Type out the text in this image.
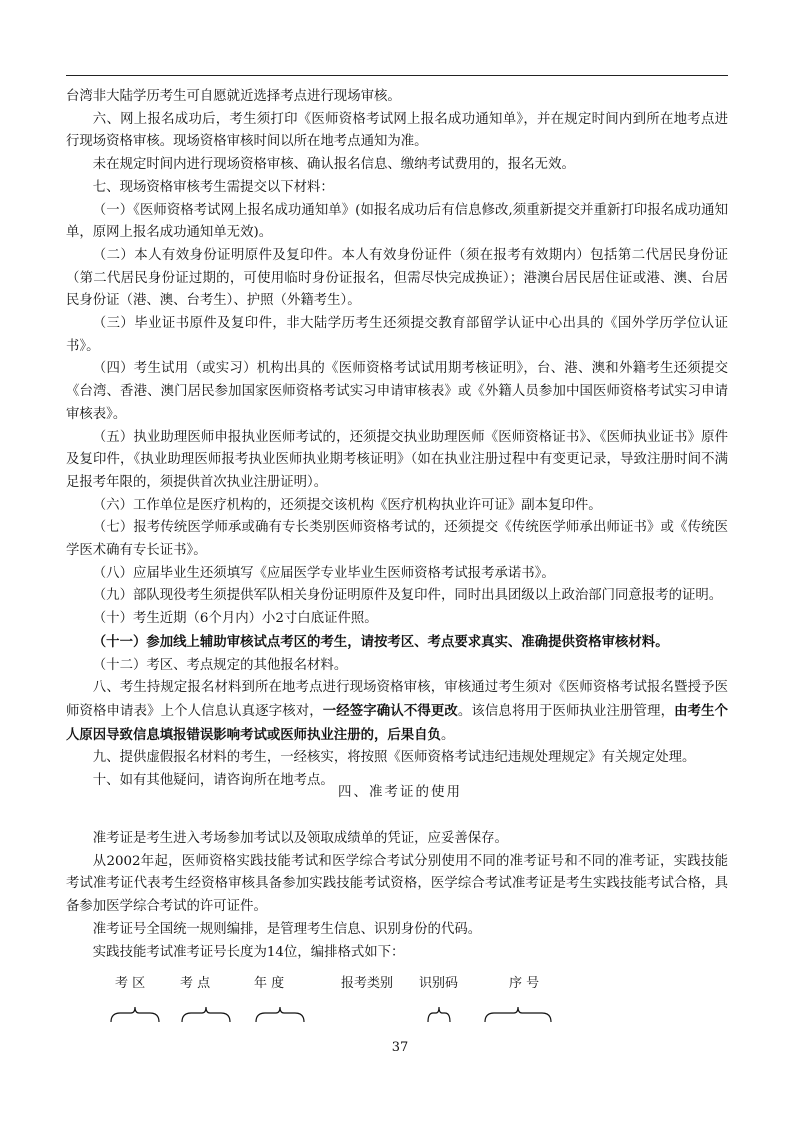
台湾非大陆学历考生可自愿就近选择考点进行现场审核。

六、网上报名成功后，考生须打印《医师资格考试网上报名成功通知单》，并在规定时间内到所在地考点进行现场资格审核。现场资格审核时间以所在地考点通知为准。

未在规定时间内进行现场资格审核、确认报名信息、缴纳考试费用的，报名无效。

七、现场资格审核考生需提交以下材料：

（一）《医师资格考试网上报名成功通知单》(如报名成功后有信息修改,须重新提交并重新打印报名成功通知单，原网上报名成功通知单无效)。

（二）本人有效身份证明原件及复印件。本人有效身份证件（须在报考有效期内）包括第二代居民身份证（第二代居民身份证过期的，可使用临时身份证报名，但需尽快完成换证）；港澳台居民居住证或港、澳、台居民身份证（港、澳、台考生）、护照（外籍考生）。

（三）毕业证书原件及复印件，非大陆学历考生还须提交教育部留学认证中心出具的《国外学历学位认证书》。

（四）考生试用（或实习）机构出具的《医师资格考试试用期考核证明》，台、港、澳和外籍考生还须提交《台湾、香港、澳门居民参加国家医师资格考试实习申请审核表》或《外籍人员参加中国医师资格考试实习申请审核表》。

（五）执业助理医师申报执业医师考试的，还须提交执业助理医师《医师资格证书》、《医师执业证书》原件及复印件，《执业助理医师报考执业医师执业期考核证明》（如在执业注册过程中有变更记录，导致注册时间不满足报考年限的，须提供首次执业注册证明）。

（六）工作单位是医疗机构的，还须提交该机构《医疗机构执业许可证》副本复印件。

（七）报考传统医学师承或确有专长类别医师资格考试的，还须提交《传统医学师承出师证书》或《传统医学医术确有专长证书》。

（八）应届毕业生还须填写《应届医学专业毕业生医师资格考试报考承诺书》。

（九）部队现役考生须提供军队相关身份证明原件及复印件，同时出具团级以上政治部门同意报考的证明。

（十）考生近期（6个月内）小2寸白底证件照。

（十一）参加线上辅助审核试点考区的考生，请按考区、考点要求真实、准确提供资格审核材料。

（十二）考区、考点规定的其他报名材料。

八、考生持规定报名材料到所在地考点进行现场资格审核，审核通过考生须对《医师资格考试报名暨授予医师资格申请表》上个人信息认真逐字核对，一经签字确认不得更改。该信息将用于医师执业注册管理，由考生个人原因导致信息填报错误影响考试或医师执业注册的，后果自负。

九、提供虚假报名材料的考生，一经核实，将按照《医师资格考试违纪违规处理规定》有关规定处理。

十、如有其他疑问，请咨询所在地考点。

四、准考证的使用

准考证是考生进入考场参加考试以及领取成绩单的凭证，应妥善保存。

从2002年起，医师资格实践技能考试和医学综合考试分别使用不同的准考证号和不同的准考证，实践技能考试准考证代表考生经资格审核具备参加实践技能考试资格，医学综合考试准考证是考生实践技能考试合格，具备参加医学综合考试的许可证件。

准考证号全国统一规则编排，是管理考生信息、识别身份的代码。

实践技能考试准考证号长度为14位，编排格式如下：

考 区	考 点	年 度	报考类别 识别码	序 号
37
